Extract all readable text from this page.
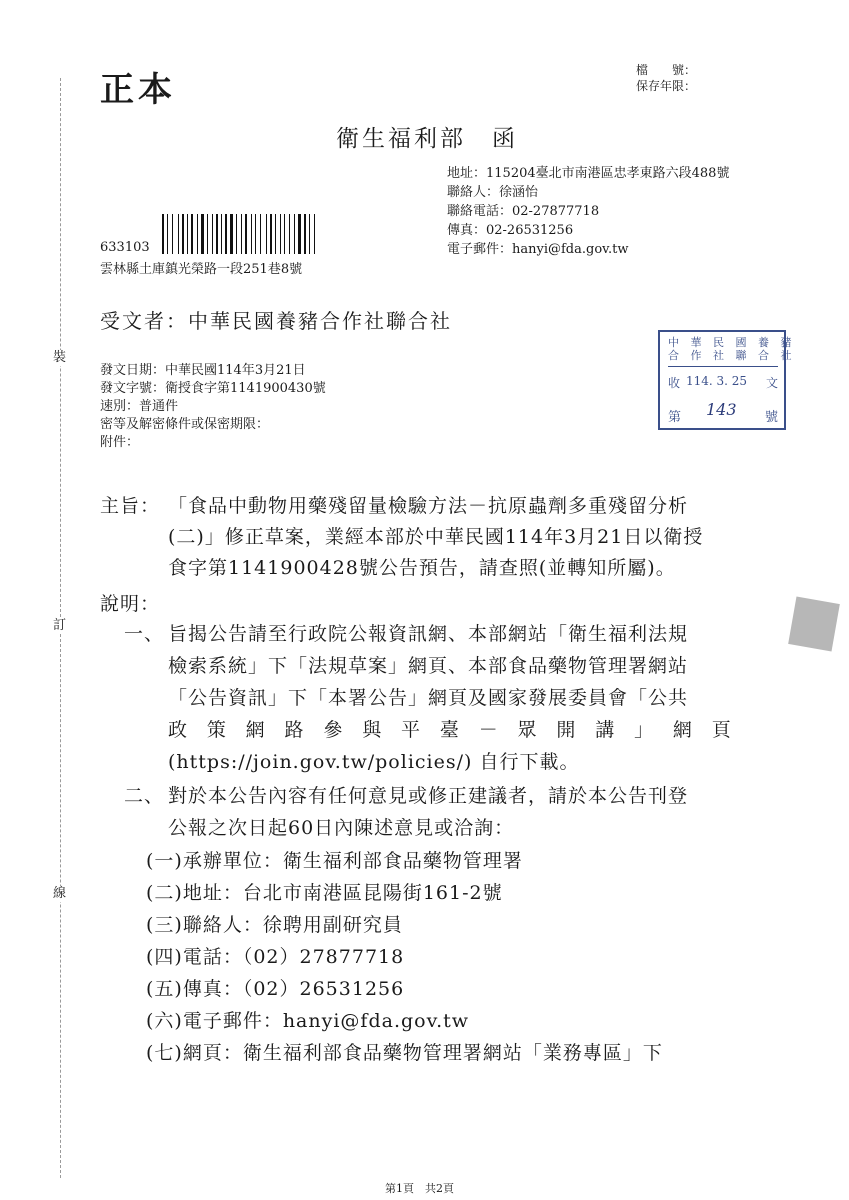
裝
訂
線
正本	檔　　號：
保存年限：
衛生福利部　函
地址：115204臺北市南港區忠孝東路六段488號
聯絡人：徐涵怡
聯絡電話：02-27877718
傳真：02-26531256
電子郵件：hanyi@fda.gov.tw
633103
雲林縣土庫鎮光榮路一段251巷8號
受文者：中華民國養豬合作社聯合社
發文日期：中華民國114年3月21日
發文字號：衛授食字第1141900430號
速別：普通件
密等及解密條件或保密期限：
附件：
中 華 民 國 養 豬
合 作 社 聯 合 社
收 114. 3. 25 文
第 143 號
主旨： 「食品中動物用藥殘留量檢驗方法－抗原蟲劑多重殘留分析
(二)」修正草案，業經本部於中華民國114年3月21日以衛授
食字第1141900428號公告預告，請查照(並轉知所屬)。
說明：
一、 旨揭公告請至行政院公報資訊網、本部網站「衛生福利法規
檢索系統」下「法規草案」網頁、本部食品藥物管理署網站
「公告資訊」下「本署公告」網頁及國家發展委員會「公共
政 策 網 路 參 與 平 臺 － 眾 開 講 」 網 頁
(https://join.gov.tw/policies/) 自行下載。
二、 對於本公告內容有任何意見或修正建議者，請於本公告刊登
公報之次日起60日內陳述意見或洽詢：
(一)承辦單位：衛生福利部食品藥物管理署
(二)地址：台北市南港區昆陽街161-2號
(三)聯絡人：徐聘用副研究員
(四)電話：（02）27877718
(五)傳真：（02）26531256
(六)電子郵件：hanyi@fda.gov.tw
(七)網頁：衛生福利部食品藥物管理署網站「業務專區」下
第1頁　共2頁
